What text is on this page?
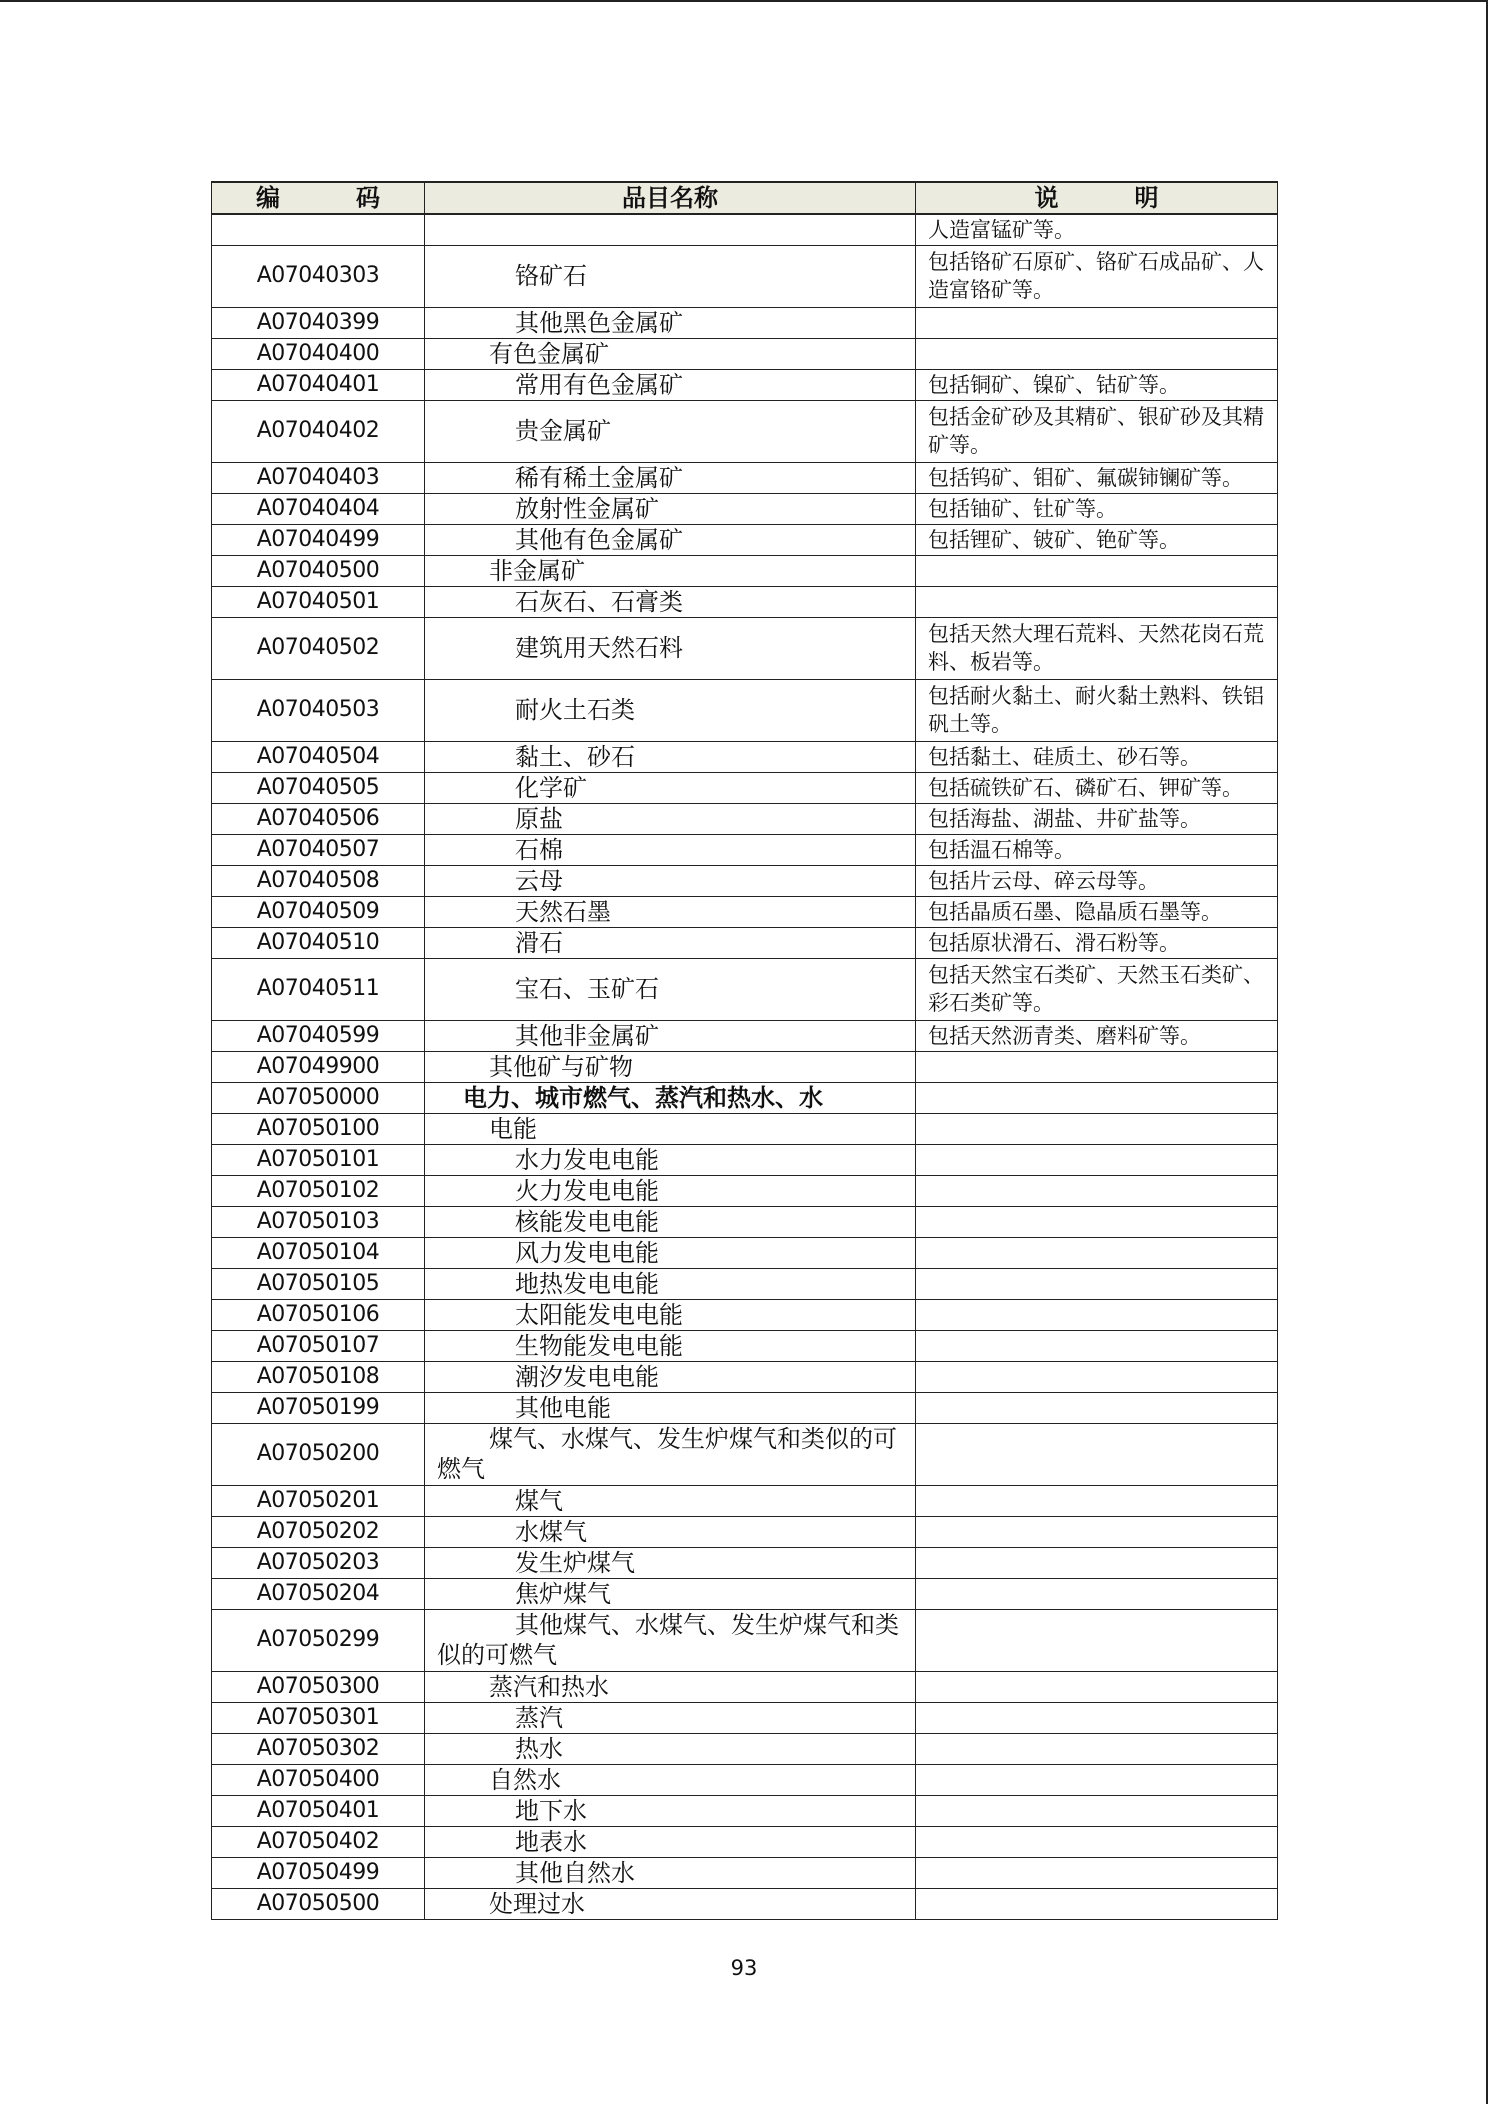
编　码	品目名称	说　明
		人造富锰矿等。
A07040303	铬矿石	包括铬矿石原矿、铬矿石成品矿、人造富铬矿等。
A07040399	其他黑色金属矿	
A07040400	有色金属矿	
A07040401	常用有色金属矿	包括铜矿、镍矿、钴矿等。
A07040402	贵金属矿	包括金矿砂及其精矿、银矿砂及其精矿等。
A07040403	稀有稀土金属矿	包括钨矿、钼矿、氟碳铈镧矿等。
A07040404	放射性金属矿	包括铀矿、钍矿等。
A07040499	其他有色金属矿	包括锂矿、铍矿、铯矿等。
A07040500	非金属矿	
A07040501	石灰石、石膏类	
A07040502	建筑用天然石料	包括天然大理石荒料、天然花岗石荒料、板岩等。
A07040503	耐火土石类	包括耐火黏土、耐火黏土熟料、铁铝矾土等。
A07040504	黏土、砂石	包括黏土、硅质土、砂石等。
A07040505	化学矿	包括硫铁矿石、磷矿石、钾矿等。
A07040506	原盐	包括海盐、湖盐、井矿盐等。
A07040507	石棉	包括温石棉等。
A07040508	云母	包括片云母、碎云母等。
A07040509	天然石墨	包括晶质石墨、隐晶质石墨等。
A07040510	滑石	包括原状滑石、滑石粉等。
A07040511	宝石、玉矿石	包括天然宝石类矿、天然玉石类矿、彩石类矿等。
A07040599	其他非金属矿	包括天然沥青类、磨料矿等。
A07049900	其他矿与矿物	
A07050000	电力、城市燃气、蒸汽和热水、水	
A07050100	电能	
A07050101	水力发电电能	
A07050102	火力发电电能	
A07050103	核能发电电能	
A07050104	风力发电电能	
A07050105	地热发电电能	
A07050106	太阳能发电电能	
A07050107	生物能发电电能	
A07050108	潮汐发电电能	
A07050199	其他电能	
A07050200	煤气、水煤气、发生炉煤气和类似的可燃气	
A07050201	煤气	
A07050202	水煤气	
A07050203	发生炉煤气	
A07050204	焦炉煤气	
A07050299	其他煤气、水煤气、发生炉煤气和类似的可燃气	
A07050300	蒸汽和热水	
A07050301	蒸汽	
A07050302	热水	
A07050400	自然水	
A07050401	地下水	
A07050402	地表水	
A07050499	其他自然水	
A07050500	处理过水	
93
